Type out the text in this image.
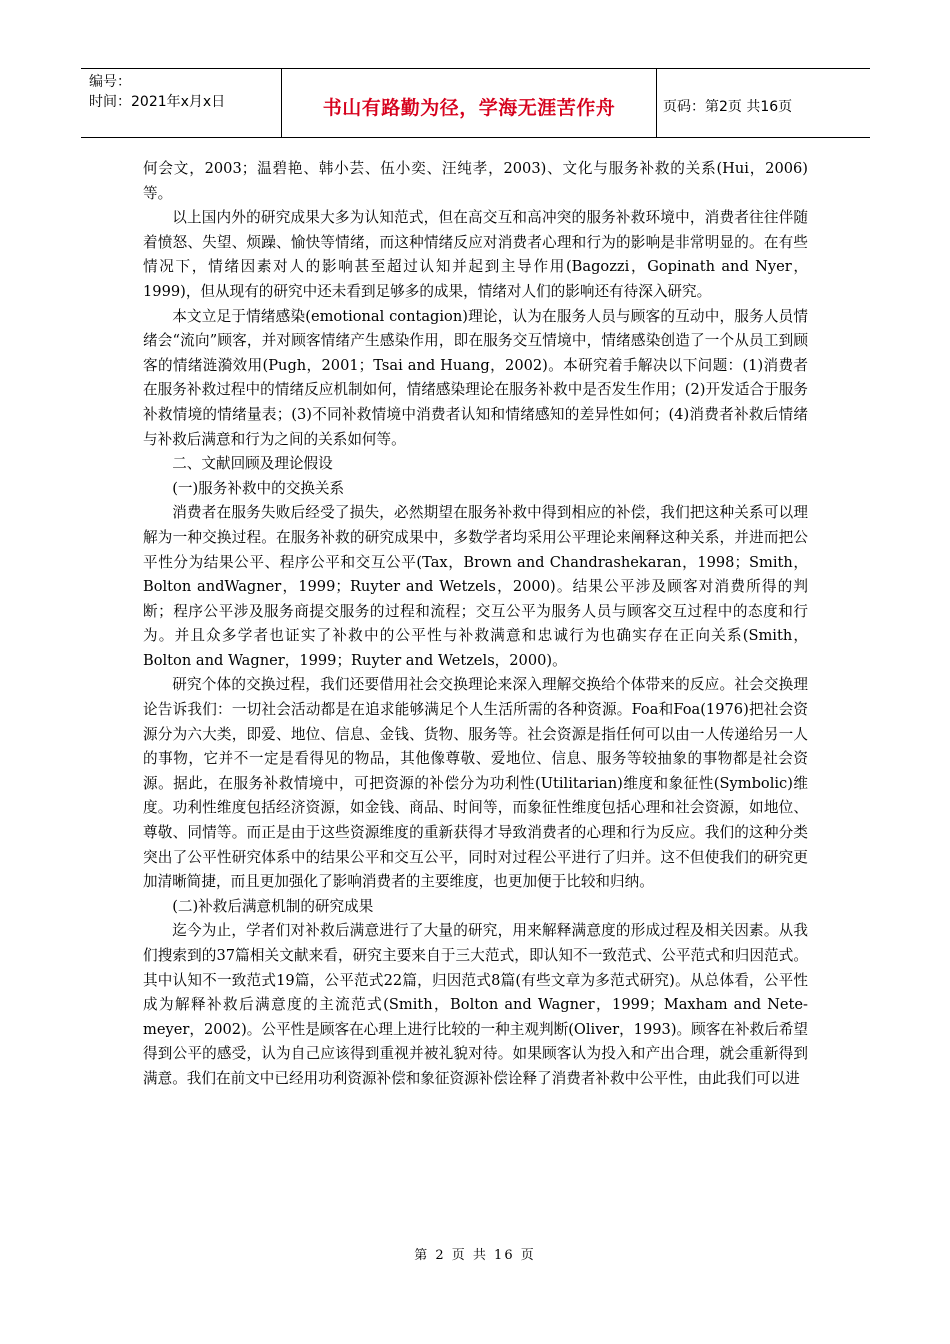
编号：
时间：2021年x月x日	书山有路勤为径，学海无涯苦作舟	页码：第2页 共16页

何会文，2003；温碧艳、韩小芸、伍小奕、汪纯孝，2003)、文化与服务补救的关系(Hui，2006)等。

以上国内外的研究成果大多为认知范式，但在高交互和高冲突的服务补救环境中，消费者往往伴随着愤怒、失望、烦躁、愉快等情绪，而这种情绪反应对消费者心理和行为的影响是非常明显的。在有些情况下，情绪因素对人的影响甚至超过认知并起到主导作用(Bagozzi，Gopinath and Nyer，1999)，但从现有的研究中还未看到足够多的成果，情绪对人们的影响还有待深入研究。

本文立足于情绪感染(emotional contagion)理论，认为在服务人员与顾客的互动中，服务人员情绪会“流向”顾客，并对顾客情绪产生感染作用，即在服务交互情境中，情绪感染创造了一个从员工到顾客的情绪涟漪效用(Pugh，2001；Tsai and Huang，2002)。本研究着手解决以下问题：(1)消费者在服务补救过程中的情绪反应机制如何，情绪感染理论在服务补救中是否发生作用；(2)开发适合于服务补救情境的情绪量表；(3)不同补救情境中消费者认知和情绪感知的差异性如何；(4)消费者补救后情绪与补救后满意和行为之间的关系如何等。

二、文献回顾及理论假设

(一)服务补救中的交换关系

消费者在服务失败后经受了损失，必然期望在服务补救中得到相应的补偿，我们把这种关系可以理解为一种交换过程。在服务补救的研究成果中，多数学者均采用公平理论来阐释这种关系，并进而把公平性分为结果公平、程序公平和交互公平(Tax，Brown and Chandrashekaran，1998；Smith，Bolton andWagner，1999；Ruyter and Wetzels，2000)。结果公平涉及顾客对消费所得的判断；程序公平涉及服务商提交服务的过程和流程；交互公平为服务人员与顾客交互过程中的态度和行为。并且众多学者也证实了补救中的公平性与补救满意和忠诚行为也确实存在正向关系(Smith，Bolton and Wagner，1999；Ruyter and Wetzels，2000)。

研究个体的交换过程，我们还要借用社会交换理论来深入理解交换给个体带来的反应。社会交换理论告诉我们：一切社会活动都是在追求能够满足个人生活所需的各种资源。Foa和Foa(1976)把社会资源分为六大类，即爱、地位、信息、金钱、货物、服务等。社会资源是指任何可以由一人传递给另一人的事物，它并不一定是看得见的物品，其他像尊敬、爱地位、信息、服务等较抽象的事物都是社会资源。据此，在服务补救情境中，可把资源的补偿分为功利性(Utilitarian)维度和象征性(Symbolic)维度。功利性维度包括经济资源，如金钱、商品、时间等，而象征性维度包括心理和社会资源，如地位、尊敬、同情等。而正是由于这些资源维度的重新获得才导致消费者的心理和行为反应。我们的这种分类突出了公平性研究体系中的结果公平和交互公平，同时对过程公平进行了归并。这不但使我们的研究更加清晰简捷，而且更加强化了影响消费者的主要维度，也更加便于比较和归纳。

(二)补救后满意机制的研究成果

迄今为止，学者们对补救后满意进行了大量的研究，用来解释满意度的形成过程及相关因素。从我们搜索到的37篇相关文献来看，研究主要来自于三大范式，即认知不一致范式、公平范式和归因范式。其中认知不一致范式19篇，公平范式22篇，归因范式8篇(有些文章为多范式研究)。从总体看，公平性成为解释补救后满意度的主流范式(Smith，Bolton and Wagner，1999；Maxham and Nete-meyer，2002)。公平性是顾客在心理上进行比较的一种主观判断(Oliver，1993)。顾客在补救后希望得到公平的感受，认为自己应该得到重视并被礼貌对待。如果顾客认为投入和产出合理，就会重新得到满意。我们在前文中已经用功利资源补偿和象征资源补偿诠释了消费者补救中公平性，由此我们可以进

第 2 页 共 16 页
